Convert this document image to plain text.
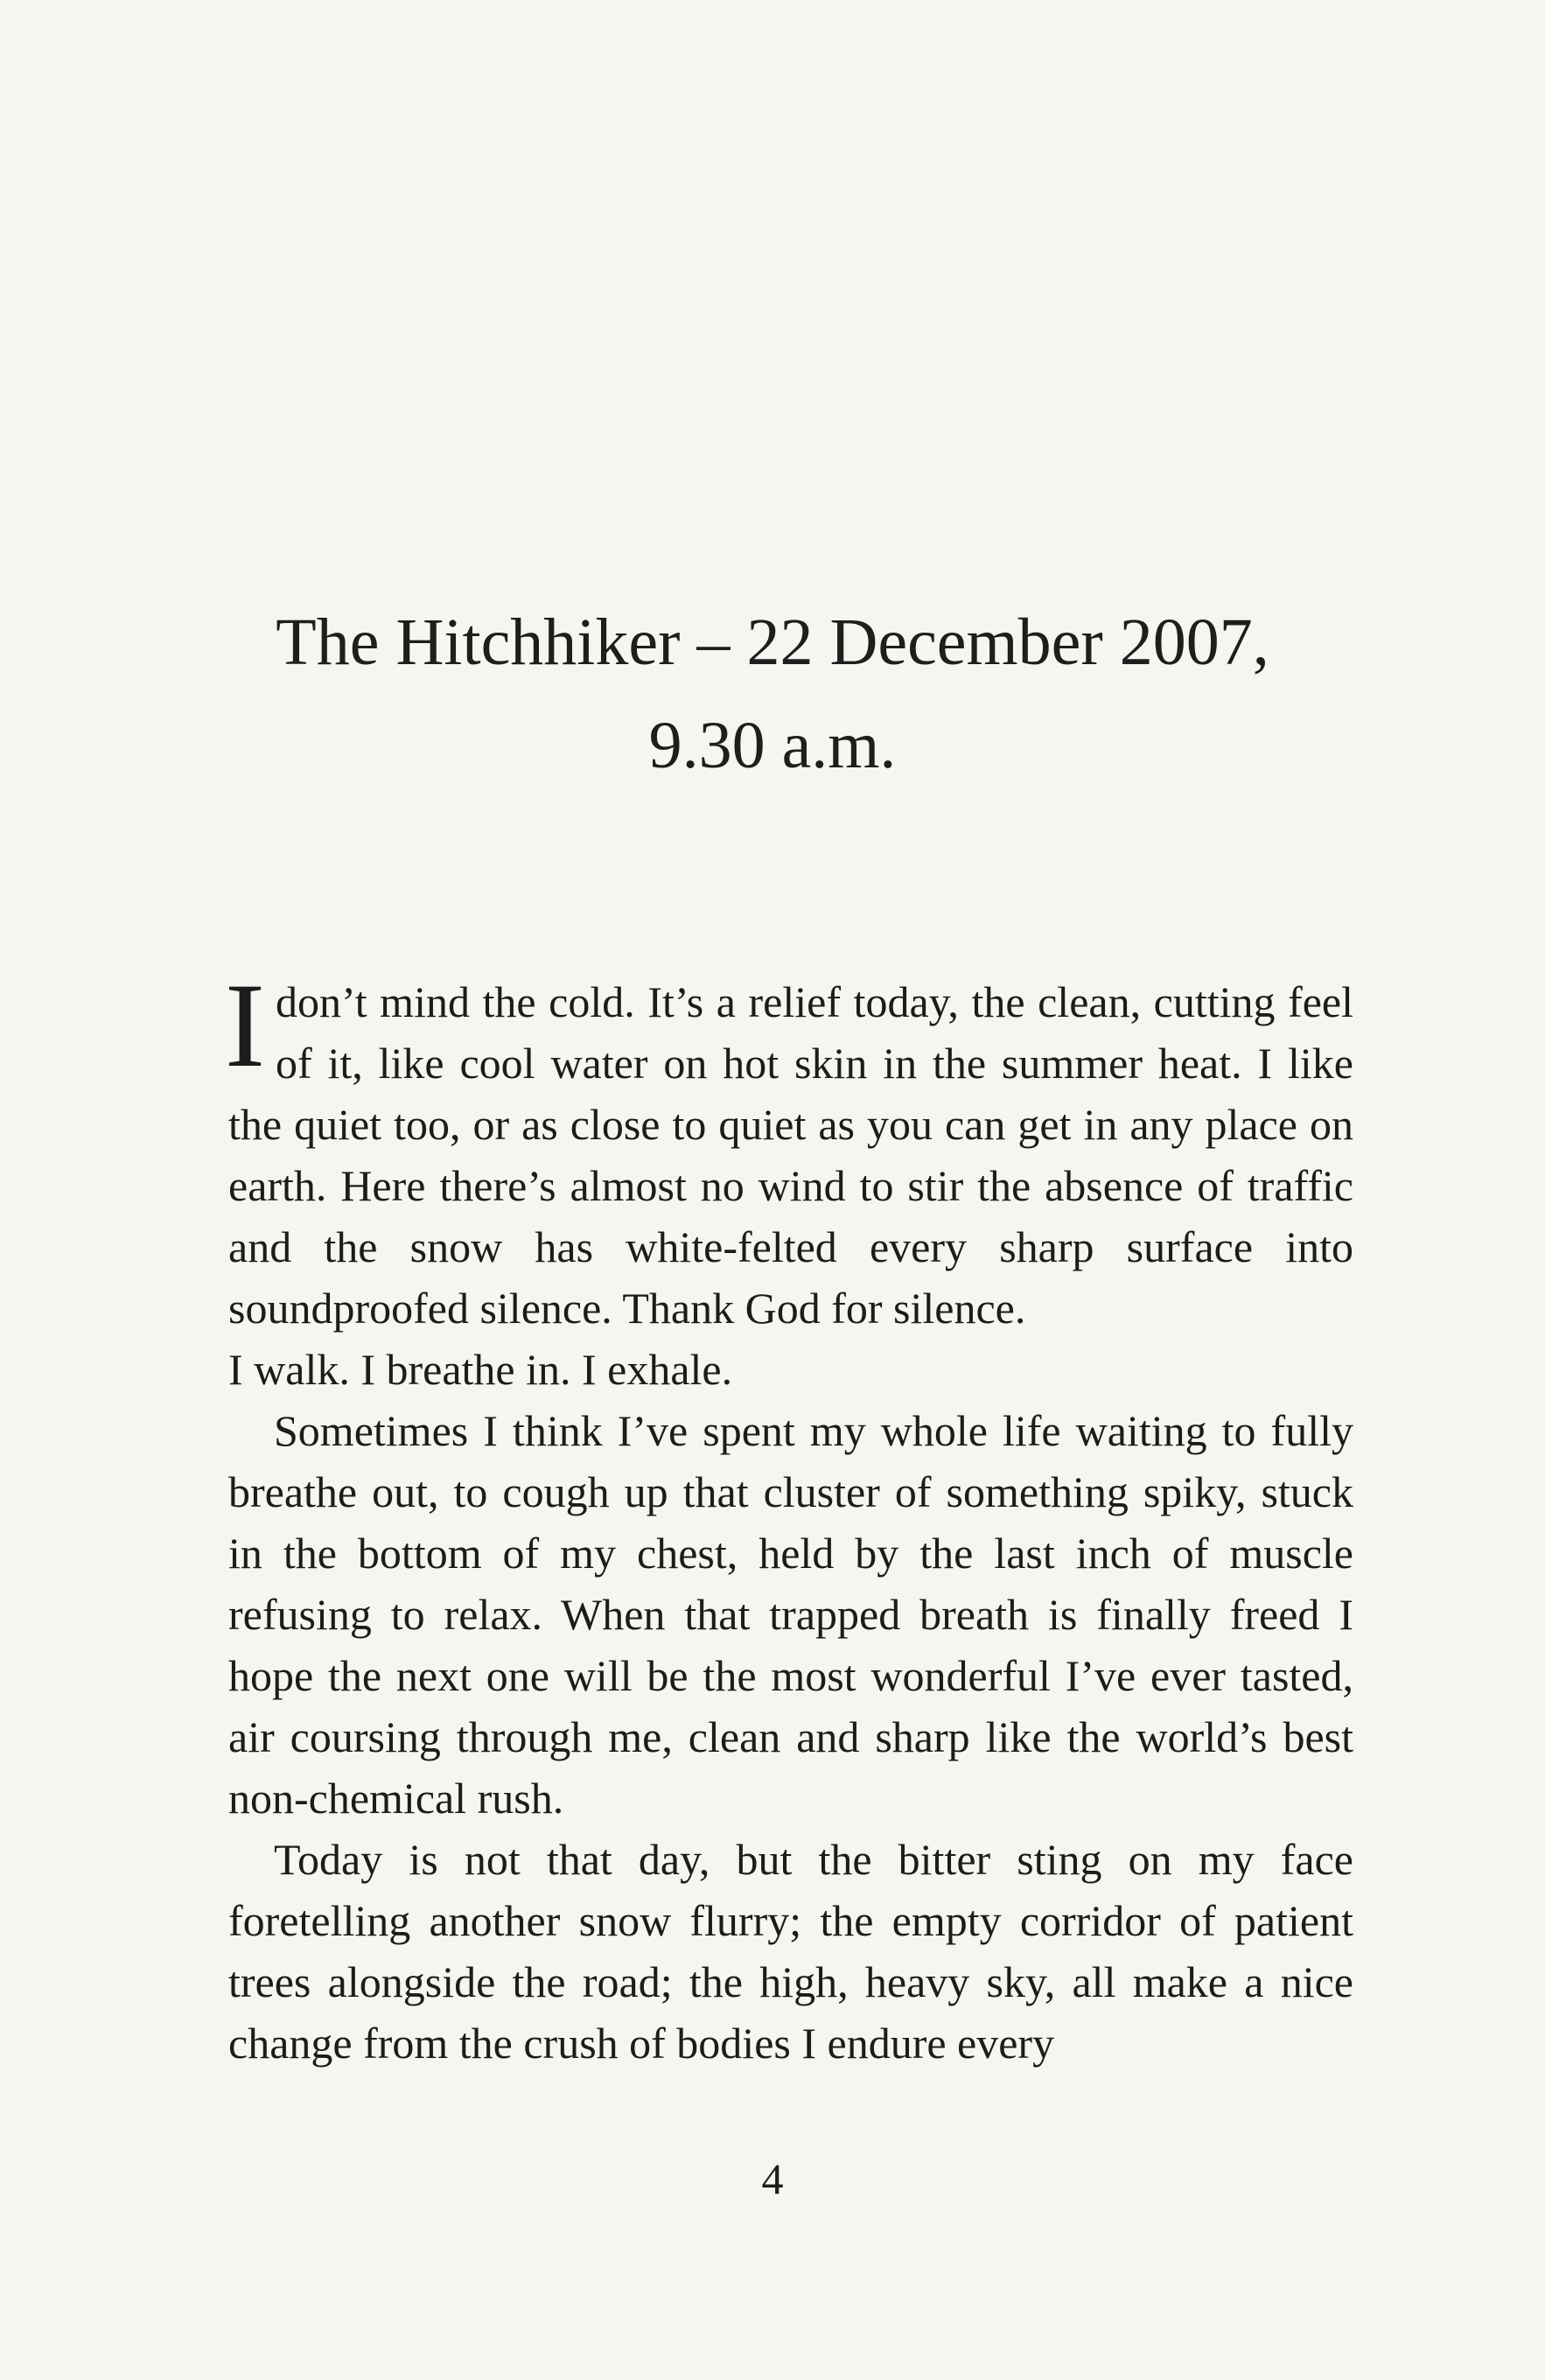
The Hitchhiker – 22 December 2007,
9.30 a.m.

Idon’t mind the cold. It’s a relief today, the clean, cutting feel of it, like cool water on hot skin in the summer heat. I like the quiet too, or as close to quiet as you can get in any place on earth. Here there’s almost no wind to stir the absence of traffic and the snow has white-felted every sharp surface into soundproofed silence. Thank God for silence.

I walk. I breathe in. I exhale.

Sometimes I think I’ve spent my whole life waiting to fully breathe out, to cough up that cluster of something spiky, stuck in the bottom of my chest, held by the last inch of muscle refusing to relax. When that trapped breath is finally freed I hope the next one will be the most wonderful I’ve ever tasted, air coursing through me, clean and sharp like the world’s best non-chemical rush.

Today is not that day, but the bitter sting on my face foretelling another snow flurry; the empty corridor of patient trees alongside the road; the high, heavy sky, all make a nice change from the crush of bodies I endure every

4
